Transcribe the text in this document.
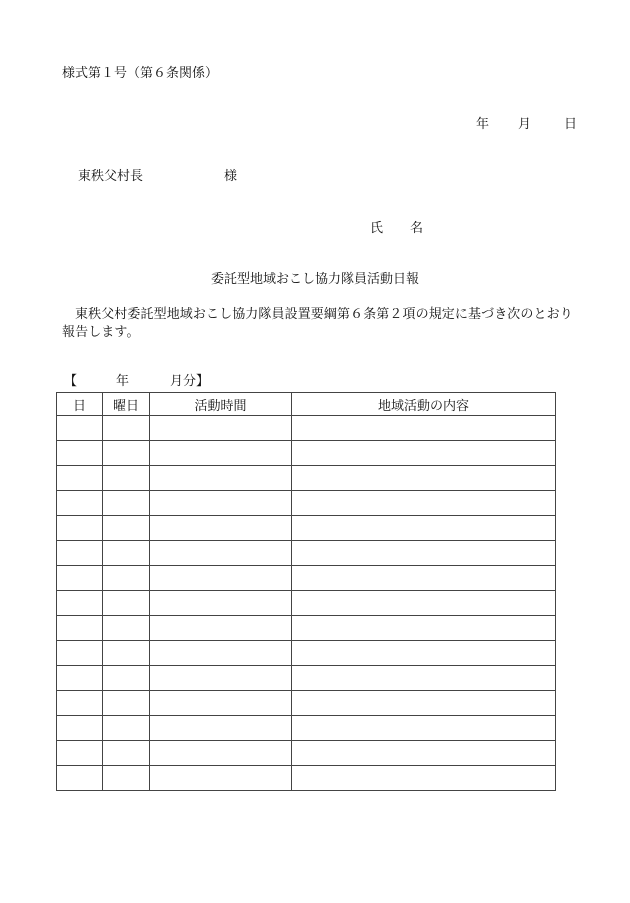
様式第１号（第６条関係）
年	月	日
東秩父村長	様
氏	名
委託型地域おこし協力隊員活動日報
東秩父村委託型地域おこし協力隊員設置要綱第６条第２項の規定に基づき次のとおり報告します。
【	年	月分】
日	曜日	活動時間	地域活動の内容
